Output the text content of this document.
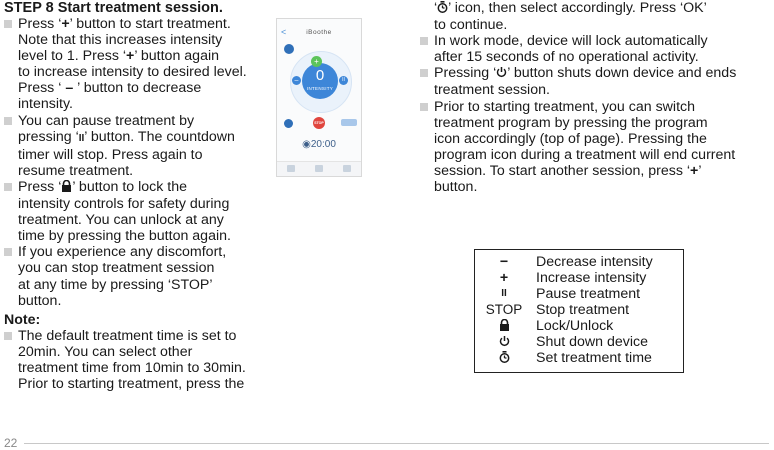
STEP 8 Start treatment session.
Press ‘+’ button to start treatment.
Note that this increases intensity
level to 1. Press ‘+’ button again
to increase intensity to desired level.
Press ‘ – ’ button to decrease
intensity.
You can pause treatment by
pressing ‘II’ button. The countdown
timer will stop. Press again to
resume treatment.
Press ‘ ’ button to lock the
intensity controls for safety during
treatment. You can unlock at any
time by pressing the button again.
If you experience any discomfort,
you can stop treatment session
at any time by pressing ‘STOP’
button.
Note:
The default treatment time is set to
20min. You can select other
treatment time from 10min to 30min.
Prior to starting treatment, press the
<	iBoothe
0
INTENSITY
+
–	II
STOP
◉20:00
‘ ’ icon, then select accordingly. Press ‘OK’
to continue.
In work mode, device will lock automatically
after 15 seconds of no operational activity.
Pressing ‘ ’ button shuts down device and ends
treatment session.
Prior to starting treatment, you can switch
treatment program by pressing the program
icon accordingly (top of page). Pressing the
program icon during a treatment will end current
session. To start another session, press ‘+’
button.
−	Decrease intensity
+	Increase intensity
II	Pause treatment
STOP Stop treatment
Lock/Unlock
Shut down device
Set treatment time
22
